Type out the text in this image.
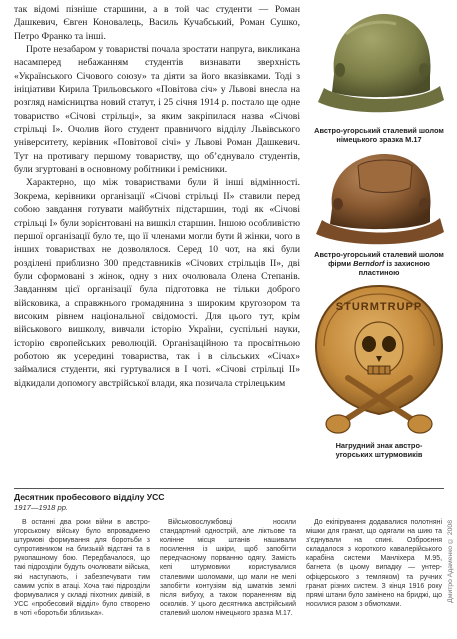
так відомі пізніше старшини, а в той час студенти — Роман Дашкевич, Євген Коновалець, Василь Кучабський, Роман Сушко, Петро Франко та інші.

Проте незабаром у товаристві почала зростати напруга, викликана насамперед небажанням студентів визнавати зверхність «Українського Січового союзу» та діяти за його вказівками. Тоді з ініціативи Кирила Трильовського «Повітова січ» у Львові внесла на розгляд намісництва новий статут, і 25 січня 1914 р. постало ще одне товариство «Січові стрільці», за яким закріпилася назва «Січові стрільці I». Очолив його студент правничого відділу Львівського університету, керівник «Повітової січі» у Львові Роман Дашкевич. Тут на противагу першому товариству, що об’єднувало студентів, були згуртовані в основному робітники і ремісники.

Характерно, що між товариствами були й інші відмінності. Зокрема, керівники організації «Січові стрільці II» ставили перед собою завдання готувати майбутніх підстаршин, тоді як «Січові стрільці I» були зорієнтовані на вишкіл старшин. Іншою особливістю першої організації було те, що її членами могли бути й жінки, чого в інших товариствах не дозволялося. Серед 10 чот, на які були розділені приблизно 300 представників «Січових стрільців II», дві були сформовані з жінок, одну з них очолювала Олена Степанів. Завданням цієї організації була підготовка не тільки доброго війсковика, а справжнього громадянина з широким кругозором та високим рівнем національної свідомості. Для цього тут, крім військового вишколу, вивчали історію України, суспільні науки, історію європейських революцій. Організаційною та просвітньою роботою як усередині товариства, так і в сільських «Січах» займалися студенти, які гуртувалися в I чоті. «Січові стрільці II» відкидали допомогу австрійської влади, яка позичала стрілецьким

Австро-угорський сталевий шолом німецького зразка М.17
Австро-угорський сталевий шолом фірми Berndorf із захисною пластиною
STURMTRUPP
Нагрудний знак австро-угорських штурмовиків
Десятник пробесового відділу УСС
1917—1918 рр.

В останні два роки війни в австро-угорському війську було впроваджено штурмові формування для боротьби з супротивником на близькій відстані та в рукопашному бою. Передбачалося, що такі підрозділи будуть очолювати військa, які наступають, і забезпечувати тим самим успіх в атаці. Хоча такі підрозділи формувалися у складі піхотних дивізій, в УСС «пробесовий відділ» було створено в чоті «боротьби зблизька».

Військовослужбовці носили стандартний однострій, але ліктьове та колінне місця штанів нашивали посилення із шкіри, щоб запобігти передчасному порванню одягу. Замість кепі штурмовики користувалися сталевими шоломами, що мали не мелі запобігти контузіям від шматків землі після вибуху, а також пораненням від осколків. У цього десятника австрійський сталевий шолом німецького зразка М.17.

До екіпірування додавалися полотняні мішки для гранат, що одягали на шию та з’єднували на спині. Озброєння складалося з короткого кавалерійського карабіна системи Манліхера М.95, багнета (в цьому випадку — унтер-офіцерського з темляком) та ручних гранат різних систем. З кінця 1916 року прямі штани було замінено на бриджі, що носилися разом з обмотками.

Дмитро Адаменко © 2008
